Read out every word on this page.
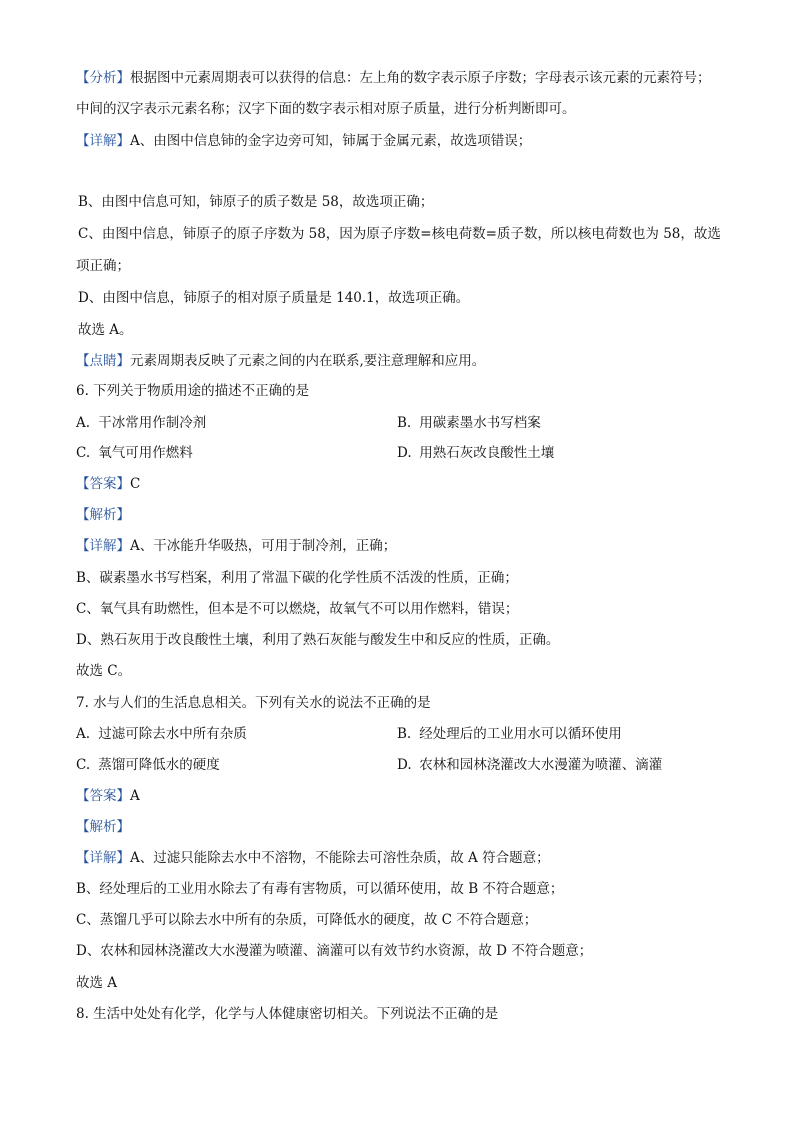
【分析】根据图中元素周期表可以获得的信息：左上角的数字表示原子序数；字母表示该元素的元素符号；
中间的汉字表示元素名称；汉字下面的数字表示相对原子质量，进行分析判断即可。
【详解】A、由图中信息铈的金字边旁可知，铈属于金属元素，故选项错误；
B、由图中信息可知，铈原子的质子数是 58，故选项正确；
C、由图中信息，铈原子的原子序数为 58，因为原子序数=核电荷数=质子数，所以核电荷数也为 58，故选
项正确；
D、由图中信息，铈原子的相对原子质量是 140.1，故选项正确。
故选 A。
【点睛】元素周期表反映了元素之间的内在联系,要注意理解和应用。
6. 下列关于物质用途的描述不正确的是
A. 干冰常用作制冷剂	B. 用碳素墨水书写档案
C. 氧气可用作燃料	D. 用熟石灰改良酸性土壤
【答案】C
【解析】
【详解】A、干冰能升华吸热，可用于制冷剂，正确；
B、碳素墨水书写档案，利用了常温下碳的化学性质不活泼的性质，正确；
C、氧气具有助燃性，但本是不可以燃烧，故氧气不可以用作燃料，错误；
D、熟石灰用于改良酸性土壤，利用了熟石灰能与酸发生中和反应的性质，正确。
故选 C。
7. 水与人们的生活息息相关。下列有关水的说法不正确的是
A. 过滤可除去水中所有杂质	B. 经处理后的工业用水可以循环使用
C. 蒸馏可降低水的硬度	D. 农林和园林浇灌改大水漫灌为喷灌、滴灌
【答案】A
【解析】
【详解】A、过滤只能除去水中不溶物，不能除去可溶性杂质，故 A 符合题意；
B、经处理后的工业用水除去了有毒有害物质，可以循环使用，故 B 不符合题意；
C、蒸馏几乎可以除去水中所有的杂质，可降低水的硬度，故 C 不符合题意；
D、农林和园林浇灌改大水漫灌为喷灌、滴灌可以有效节约水资源，故 D 不符合题意；
故选 A
8. 生活中处处有化学，化学与人体健康密切相关。下列说法不正确的是
